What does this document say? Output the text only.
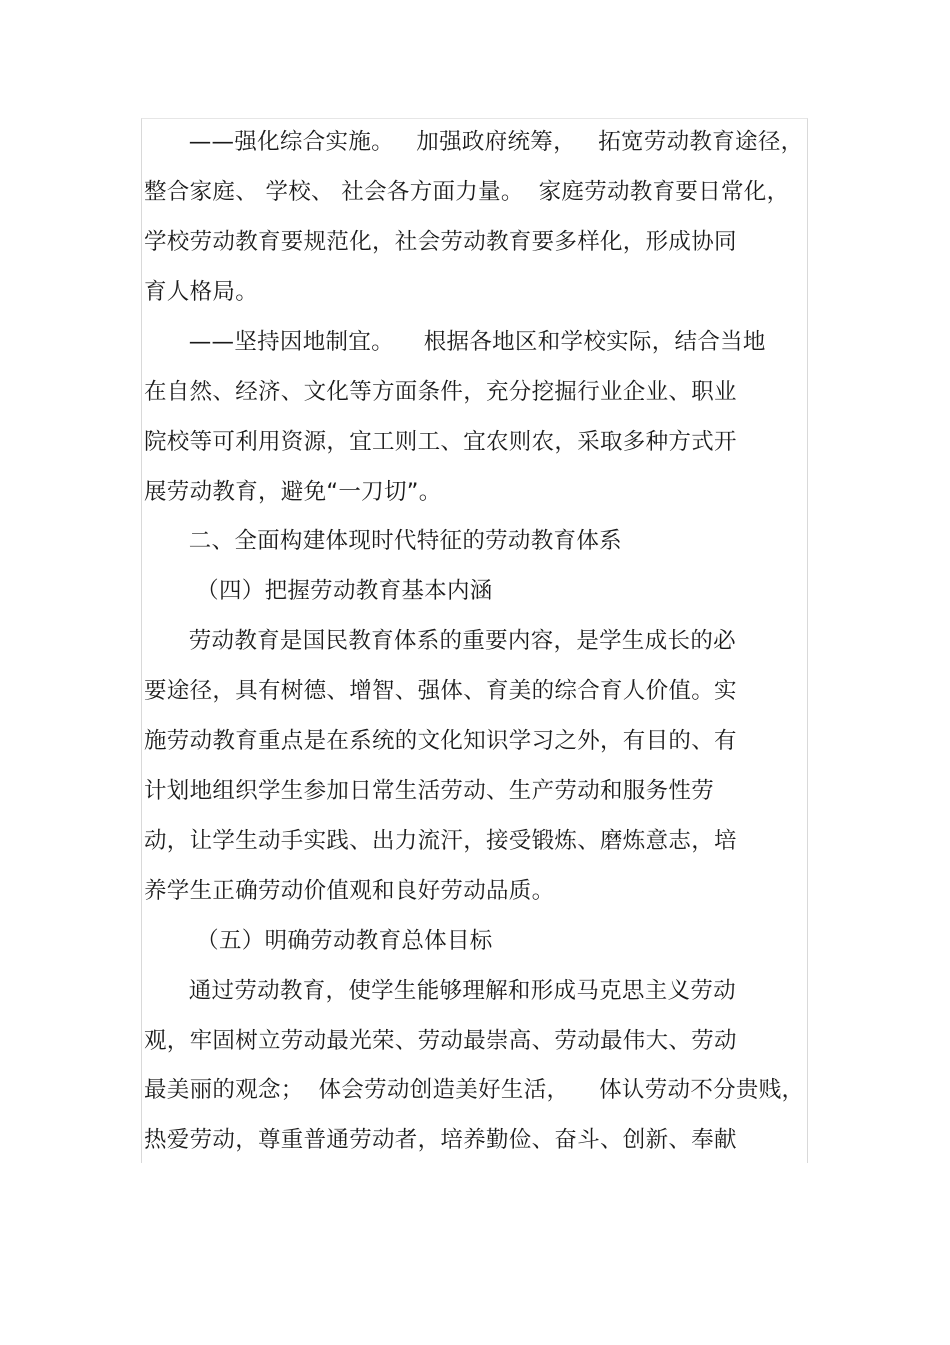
——强化综合实施。   加强政府统筹，   拓宽劳动教育途径，
整合家庭、 学校、 社会各方面力量。  家庭劳动教育要日常化，
学校劳动教育要规范化，社会劳动教育要多样化，形成协同
育人格局。
——坚持因地制宜。    根据各地区和学校实际，结合当地
在自然、经济、文化等方面条件，充分挖掘行业企业、职业
院校等可利用资源，宜工则工、宜农则农，采取多种方式开
展劳动教育，避免“一刀切”。
二、全面构建体现时代特征的劳动教育体系
（四）把握劳动教育基本内涵
劳动教育是国民教育体系的重要内容，是学生成长的必
要途径，具有树德、增智、强体、育美的综合育人价值。实
施劳动教育重点是在系统的文化知识学习之外，有目的、有
计划地组织学生参加日常生活劳动、生产劳动和服务性劳
动，让学生动手实践、出力流汗，接受锻炼、磨炼意志，培
养学生正确劳动价值观和良好劳动品质。
（五）明确劳动教育总体目标
通过劳动教育，使学生能够理解和形成马克思主义劳动
观，牢固树立劳动最光荣、劳动最崇高、劳动最伟大、劳动
最美丽的观念；  体会劳动创造美好生活，    体认劳动不分贵贱，
热爱劳动，尊重普通劳动者，培养勤俭、奋斗、创新、奉献
